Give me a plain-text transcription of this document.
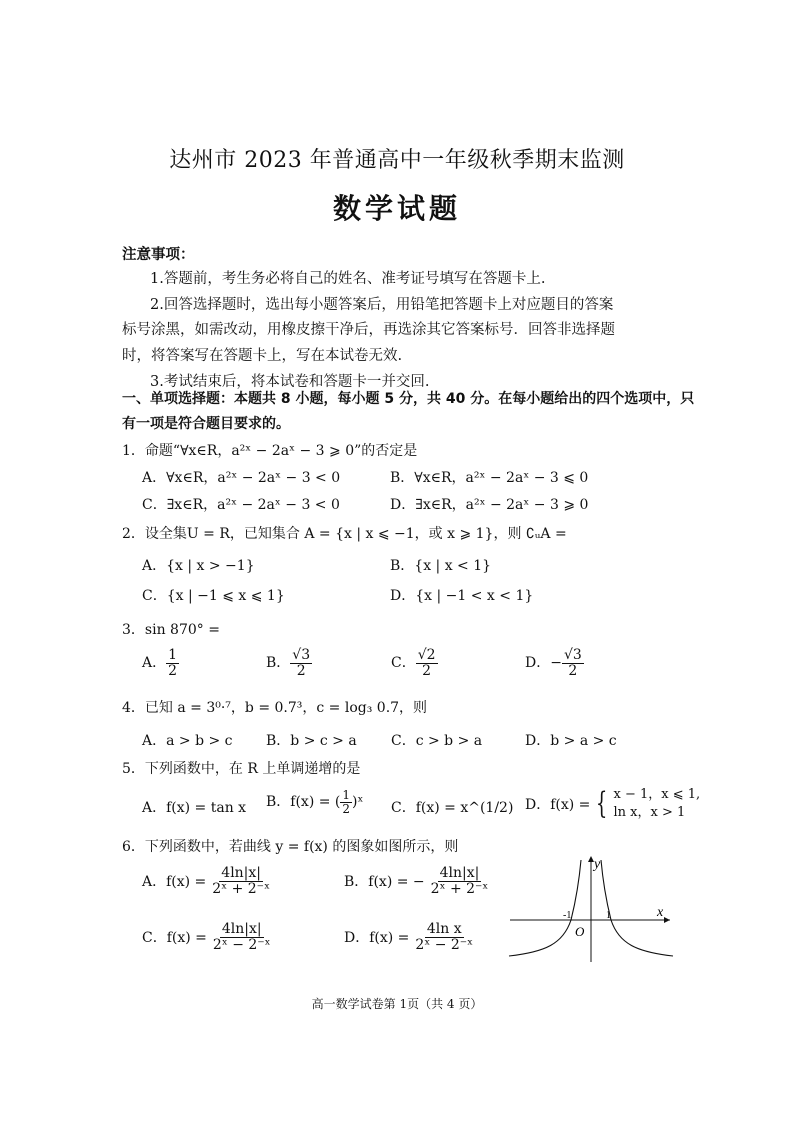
达州市 2023 年普通高中一年级秋季期末监测
数学试题
注意事项：
1.答题前，考生务必将自己的姓名、准考证号填写在答题卡上.
2.回答选择题时，选出每小题答案后，用铅笔把答题卡上对应题目的答案
标号涂黑，如需改动，用橡皮擦干净后，再选涂其它答案标号．回答非选择题
时，将答案写在答题卡上，写在本试卷无效.
3.考试结束后，将本试卷和答题卡一并交回.
一、单项选择题：本题共 8 小题，每小题 5 分，共 40 分。在每小题给出的四个选项中，只
有一项是符合题目要求的。
1．命题“∀x∈R，a²ˣ − 2aˣ − 3 ⩾ 0”的否定是
A．∀x∈R，a²ˣ − 2aˣ − 3 < 0	B．∀x∈R，a²ˣ − 2aˣ − 3 ⩽ 0
C．∃x∈R，a²ˣ − 2aˣ − 3 < 0	D．∃x∈R，a²ˣ − 2aˣ − 3 ⩾ 0
2．设全集U = R，已知集合 A = {x | x ⩽ −1，或 x ⩾ 1}，则 ∁ᵤA =
A．{x | x > −1}	B．{x | x < 1}
C．{x | −1 ⩽ x ⩽ 1}	D．{x | −1 < x < 1}
3．sin 870° =
A． $\frac{1}{2}$	B． $\frac{√3}{2}$	C． $\frac{√2}{2}$	D．− $\frac{√3}{2}$
4．已知 a = 3⁰·⁷，b = 0.7³，c = log₃ 0.7，则
A．a > b > c B．b > c > a C．c > b > a	D．b > a > c
5．下列函数中，在 R 上单调递增的是
A．f(x) = tan x B．f(x) = ( $\frac{1}{2}$ )ˣ C．f(x) = x^(1/2) D．f(x) = { x − 1，x ⩽ 1,
ln x，x > 1
6．下列函数中，若曲线 y = f(x) 的图象如图所示，则
A．$f(x) = \frac{4\ln|x|}{\text{2ˣ + 2⁻ˣ}}$	B．f(x) = − $\frac{4\ln|x|}{\text{2ˣ + 2⁻ˣ}}$
C．$f(x) = \frac{4\ln|x|}{\text{2ˣ − 2⁻ˣ}}$	D．$f(x) = \frac{\text{4ln x}}{\text{2ˣ − 2⁻ˣ}}$
y
x
O
-1	1
高一数学试卷第 1页（共 4 页）
